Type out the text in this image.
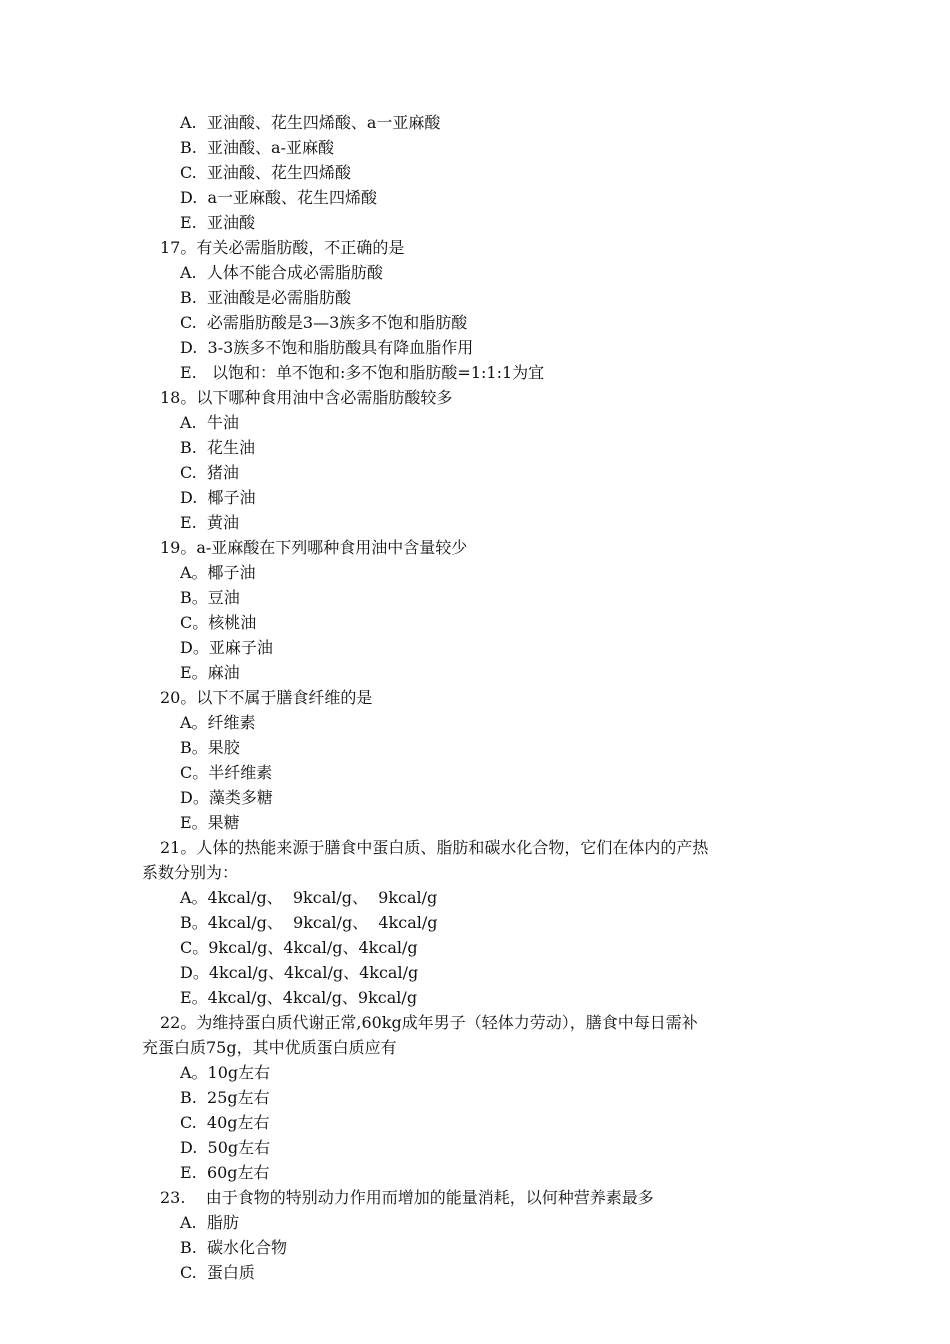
A.  亚油酸、花生四烯酸、a一亚麻酸
B.  亚油酸、a-亚麻酸
C.  亚油酸、花生四烯酸
D.  a一亚麻酸、花生四烯酸
E.  亚油酸
17。有关必需脂肪酸，不正确的是
A.  人体不能合成必需脂肪酸
B.  亚油酸是必需脂肪酸
C.  必需脂肪酸是3—3族多不饱和脂肪酸
D.  3-3族多不饱和脂肪酸具有降血脂作用
E.   以饱和：单不饱和:多不饱和脂肪酸=1:1:1为宜
18。以下哪种食用油中含必需脂肪酸较多
A.  牛油
B.  花生油
C.  猪油
D.  椰子油
E.  黄油
19。a-亚麻酸在下列哪种食用油中含量较少
A。椰子油
B。豆油
C。核桃油
D。亚麻子油
E。麻油
20。以下不属于膳食纤维的是
A。纤维素
B。果胶
C。半纤维素
D。藻类多糖
E。果糖
21。人体的热能来源于膳食中蛋白质、脂肪和碳水化合物，它们在体内的产热
系数分别为：
A。4kcal/g、  9kcal/g、  9kcal/g
B。4kcal/g、  9kcal/g、  4kcal/g
C。9kcal/g、4kcal/g、4kcal/g
D。4kcal/g、4kcal/g、4kcal/g
E。4kcal/g、4kcal/g、9kcal/g
22。为维持蛋白质代谢正常,60kg成年男子（轻体力劳动），膳食中每日需补
充蛋白质75g，其中优质蛋白质应有
A。10g左右
B.  25g左右
C.  40g左右
D.  50g左右
E.  60g左右
23.    由于食物的特别动力作用而增加的能量消耗，以何种营养素最多
A.  脂肪
B.  碳水化合物
C.  蛋白质
